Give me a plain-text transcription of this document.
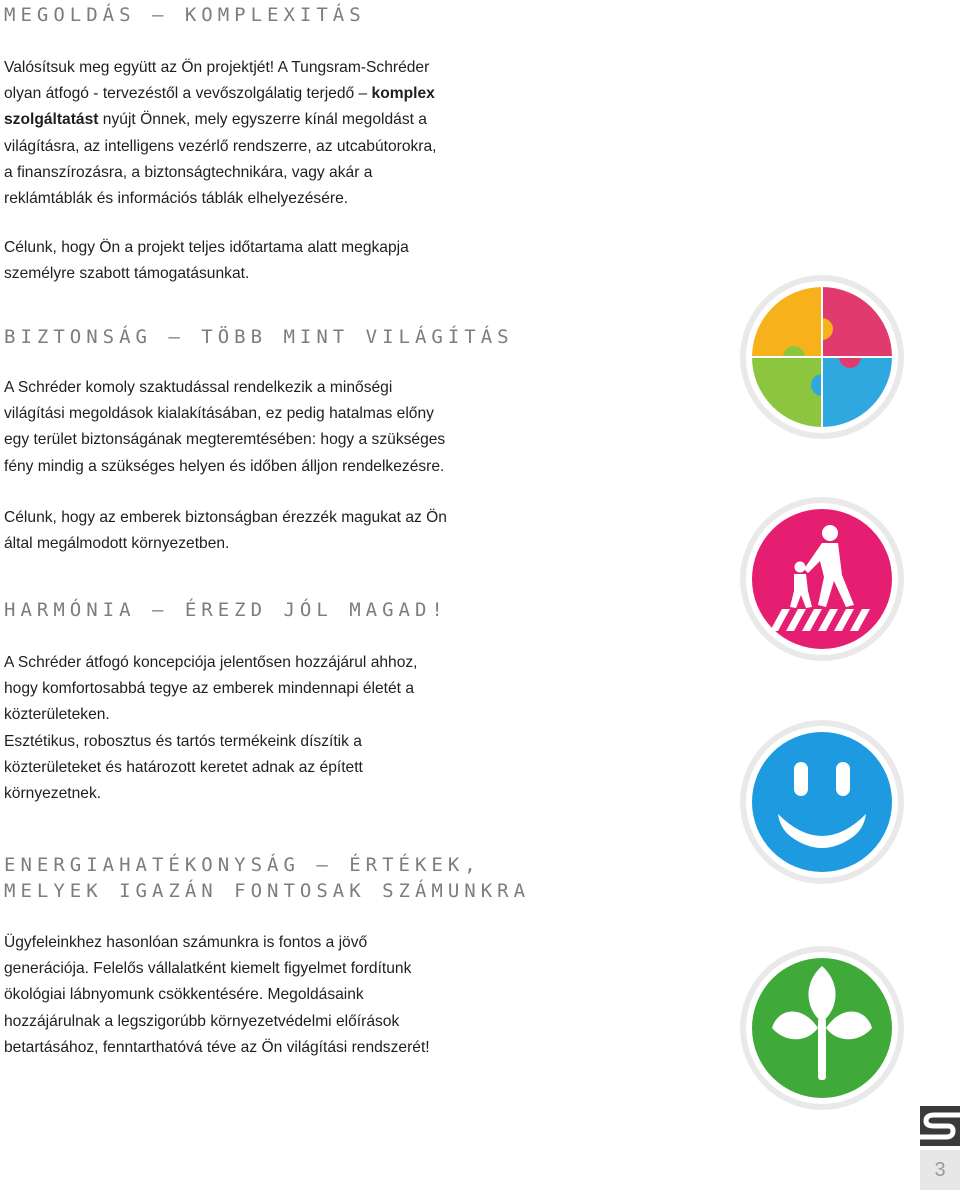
MEGOLDÁS – KOMPLEXITÁS
Valósítsuk meg együtt az Ön projektjét! A Tungsram-Schréder
olyan átfogó - tervezéstől a vevőszolgálatig terjedő – komplex
szolgáltatást nyújt Önnek, mely egyszerre kínál megoldást a
világításra, az intelligens vezérlő rendszerre, az utcabútorokra,
a finanszírozásra, a biztonságtechnikára, vagy akár a
reklámtáblák és információs táblák elhelyezésére.
Célunk, hogy Ön a projekt teljes időtartama alatt megkapja
személyre szabott támogatásunkat.
BIZTONSÁG – TÖBB MINT VILÁGÍTÁS
A Schréder komoly szaktudással rendelkezik a minőségi
világítási megoldások kialakításában, ez pedig hatalmas előny
egy terület biztonságának megteremtésében: hogy a szükséges
fény mindig a szükséges helyen és időben álljon rendelkezésre.
Célunk, hogy az emberek biztonságban érezzék magukat az Ön
által megálmodott környezetben.
HARMÓNIA – ÉREZD JÓL MAGAD!
A Schréder átfogó koncepciója jelentősen hozzájárul ahhoz,
hogy komfortosabbá tegye az emberek mindennapi életét a
közterületeken.
Esztétikus, robosztus és tartós termékeink díszítik a
közterületeket és határozott keretet adnak az épített
környezetnek.
ENERGIAHATÉKONYSÁG – ÉRTÉKEK,
MELYEK IGAZÁN FONTOSAK SZÁMUNKRA
Ügyfeleinkhez hasonlóan számunkra is fontos a jövő
generációja. Felelős vállalatként kiemelt figyelmet fordítunk
ökológiai lábnyomunk csökkentésére. Megoldásaink
hozzájárulnak a legszigorúbb környezetvédelmi előírások
betartásához, fenntarthatóvá téve az Ön világítási rendszerét!
3
